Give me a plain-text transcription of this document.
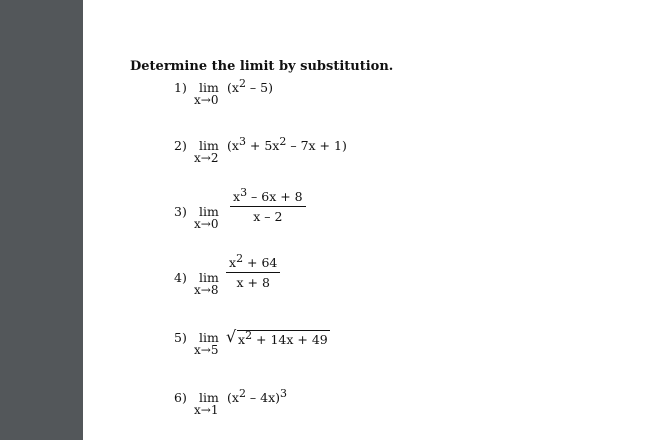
Determine the limit by substitution.
1) lim
x→0
$(x^2 - 5)$
2) lim
x→2
$(x^3 + 5x^2 - 7x + 1)$
3) lim
x→0
$x^3 - 6x + 8$
x – 2
4) lim
x→8
$x^2 + 64$
x + 8
5) lim
x→5
√ $x^2 + 14x + 49$
6) lim
x→1
$(x^2 - 4x)^3$
